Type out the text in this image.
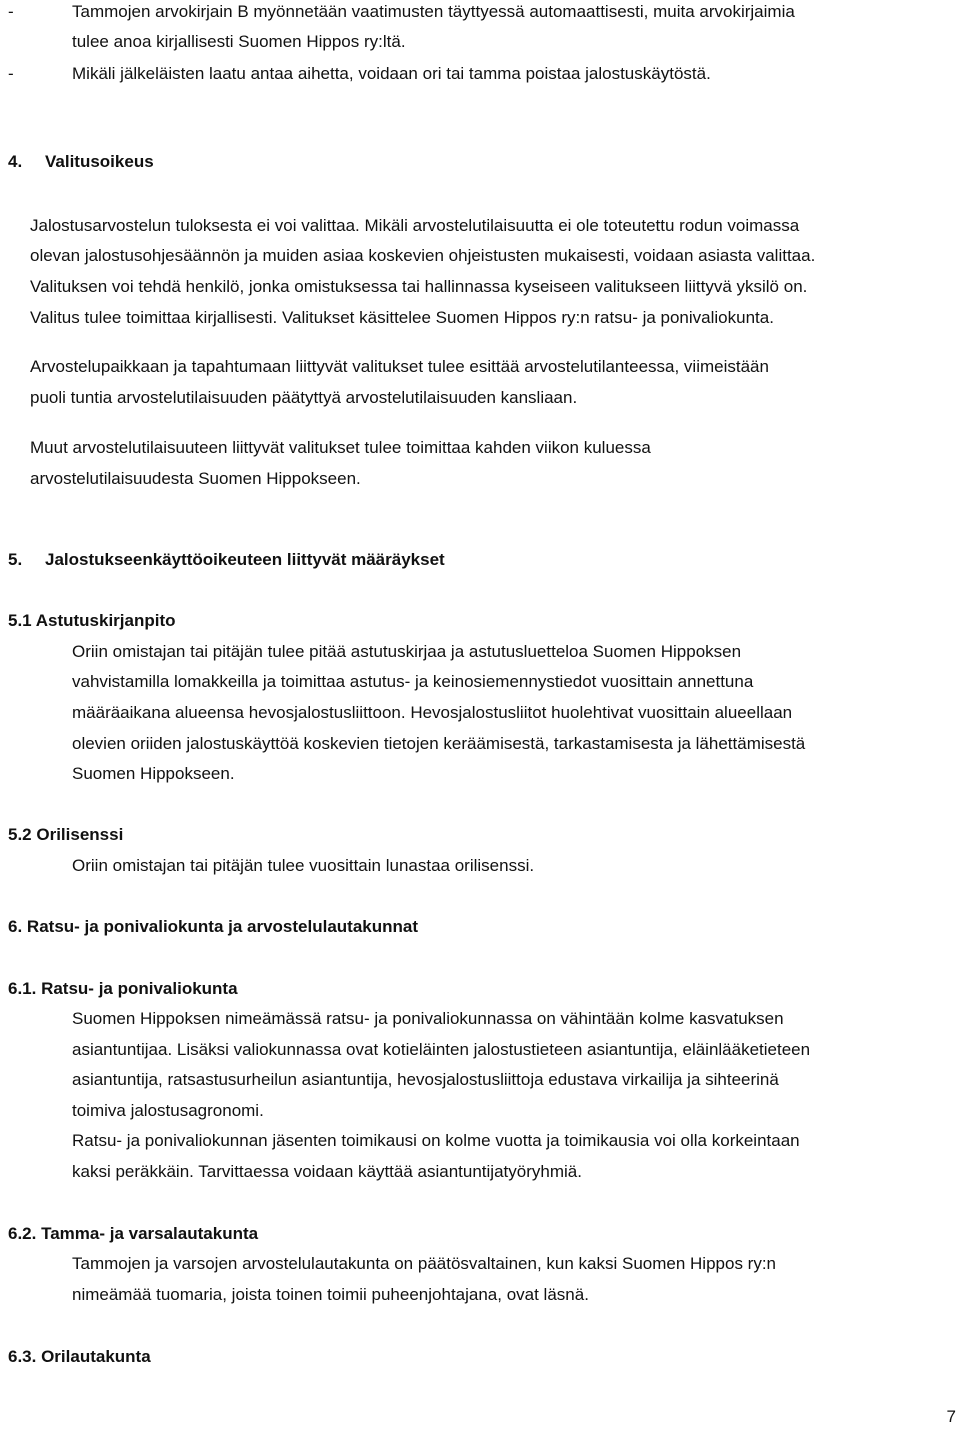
-	Tammojen arvokirjain B myönnetään vaatimusten täyttyessä automaattisesti, muita arvokirjaimia
tulee anoa kirjallisesti Suomen Hippos ry:ltä.
-	Mikäli jälkeläisten laatu antaa aihetta, voidaan ori tai tamma poistaa jalostuskäytöstä.
4. Valitusoikeus
Jalostusarvostelun tuloksesta ei voi valittaa. Mikäli arvostelutilaisuutta ei ole toteutettu rodun voimassa
olevan jalostusohjesäännön ja muiden asiaa koskevien ohjeistusten mukaisesti, voidaan asiasta valittaa.
Valituksen voi tehdä henkilö, jonka omistuksessa tai hallinnassa kyseiseen valitukseen liittyvä yksilö on.
Valitus tulee toimittaa kirjallisesti. Valitukset käsittelee Suomen Hippos ry:n ratsu- ja ponivaliokunta.
Arvostelupaikkaan ja tapahtumaan liittyvät valitukset tulee esittää arvostelutilanteessa, viimeistään
puoli tuntia arvostelutilaisuuden päätyttyä arvostelutilaisuuden kansliaan.
Muut arvostelutilaisuuteen liittyvät valitukset tulee toimittaa kahden viikon kuluessa
arvostelutilaisuudesta Suomen Hippokseen.
5. Jalostukseenkäyttöoikeuteen liittyvät määräykset
5.1 Astutuskirjanpito
Oriin omistajan tai pitäjän tulee pitää astutuskirjaa ja astutusluetteloa Suomen Hippoksen
vahvistamilla lomakkeilla ja toimittaa astutus- ja keinosiemennystiedot vuosittain annettuna
määräaikana alueensa hevosjalostusliittoon. Hevosjalostusliitot huolehtivat vuosittain alueellaan
olevien oriiden jalostuskäyttöä koskevien tietojen keräämisestä, tarkastamisesta ja lähettämisestä
Suomen Hippokseen.
5.2 Orilisenssi
Oriin omistajan tai pitäjän tulee vuosittain lunastaa orilisenssi.
6. Ratsu- ja ponivaliokunta ja arvostelulautakunnat
6.1. Ratsu- ja ponivaliokunta
Suomen Hippoksen nimeämässä ratsu- ja ponivaliokunnassa on vähintään kolme kasvatuksen
asiantuntijaa. Lisäksi valiokunnassa ovat kotieläinten jalostustieteen asiantuntija, eläinlääketieteen
asiantuntija, ratsastusurheilun asiantuntija, hevosjalostusliittoja edustava virkailija ja sihteerinä
toimiva jalostusagronomi.
Ratsu- ja ponivaliokunnan jäsenten toimikausi on kolme vuotta ja toimikausia voi olla korkeintaan
kaksi peräkkäin. Tarvittaessa voidaan käyttää asiantuntijatyöryhmiä.
6.2. Tamma- ja varsalautakunta
Tammojen ja varsojen arvostelulautakunta on päätösvaltainen, kun kaksi Suomen Hippos ry:n
nimeämää tuomaria, joista toinen toimii puheenjohtajana, ovat läsnä.
6.3. Orilautakunta
7
